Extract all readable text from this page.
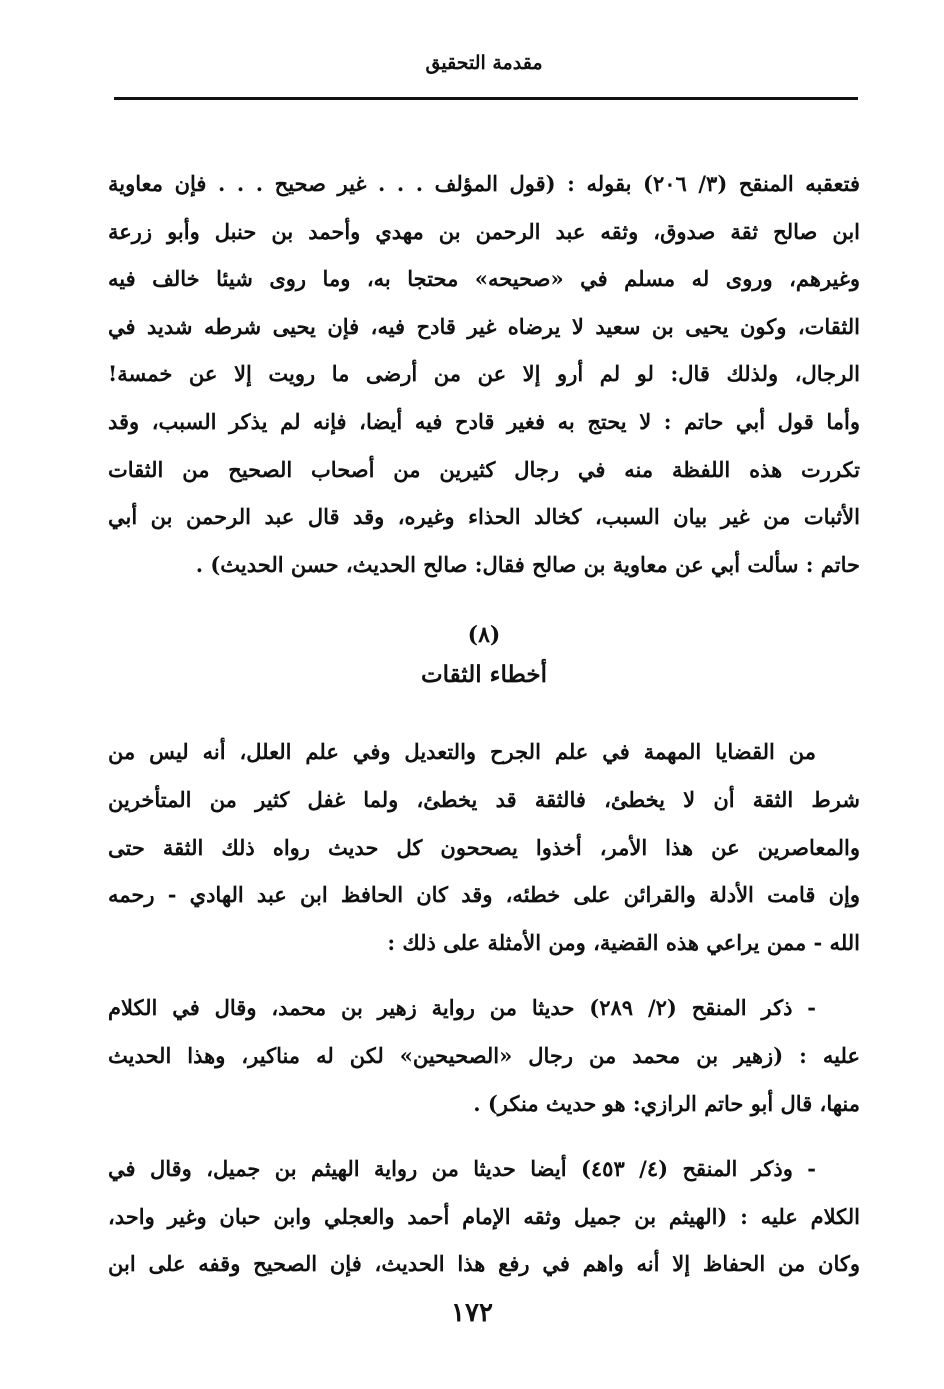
مقدمة التحقيق
فتعقبه المنقح (٣/ ٢٠٦) بقوله : (قول المؤلف . . . غير صحيح . . . فإن معاوية
ابن صالح ثقة صدوق، وثقه عبد الرحمن بن مهدي وأحمد بن حنبل وأبو زرعة
وغيرهم، وروى له مسلم في «صحيحه» محتجا به، وما روى شيئا خالف فيه
الثقات، وكون يحيى بن سعيد لا يرضاه غير قادح فيه، فإن يحيى شرطه شديد في
الرجال، ولذلك قال: لو لم أرو إلا عن من أرضى ما رويت إلا عن خمسة!
وأما قول أبي حاتم : لا يحتج به فغير قادح فيه أيضا، فإنه لم يذكر السبب، وقد
تكررت هذه اللفظة منه في رجال كثيرين من أصحاب الصحيح من الثقات
الأثبات من غير بيان السبب، كخالد الحذاء وغيره، وقد قال عبد الرحمن بن أبي
حاتم : سألت أبي عن معاوية بن صالح فقال: صالح الحديث، حسن الحديث) .
(٨)
أخطاء الثقات
من القضايا المهمة في علم الجرح والتعديل وفي علم العلل، أنه ليس من
شرط الثقة أن لا يخطئ، فالثقة قد يخطئ، ولما غفل كثير من المتأخرين
والمعاصرين عن هذا الأمر، أخذوا يصححون كل حديث رواه ذلك الثقة حتى
وإن قامت الأدلة والقرائن على خطئه، وقد كان الحافظ ابن عبد الهادي - رحمه
الله - ممن يراعي هذه القضية، ومن الأمثلة على ذلك :
- ذكر المنقح (٢/ ٢٨٩) حديثا من رواية زهير بن محمد، وقال في الكلام
عليه : (زهير بن محمد من رجال «الصحيحين» لكن له مناكير، وهذا الحديث
منها، قال أبو حاتم الرازي: هو حديث منكر) .
- وذكر المنقح (٤/ ٤٥٣) أيضا حديثا من رواية الهيثم بن جميل، وقال في
الكلام عليه : (الهيثم بن جميل وثقه الإمام أحمد والعجلي وابن حبان وغير واحد،
وكان من الحفاظ إلا أنه واهم في رفع هذا الحديث، فإن الصحيح وقفه على ابن
١٧٢
